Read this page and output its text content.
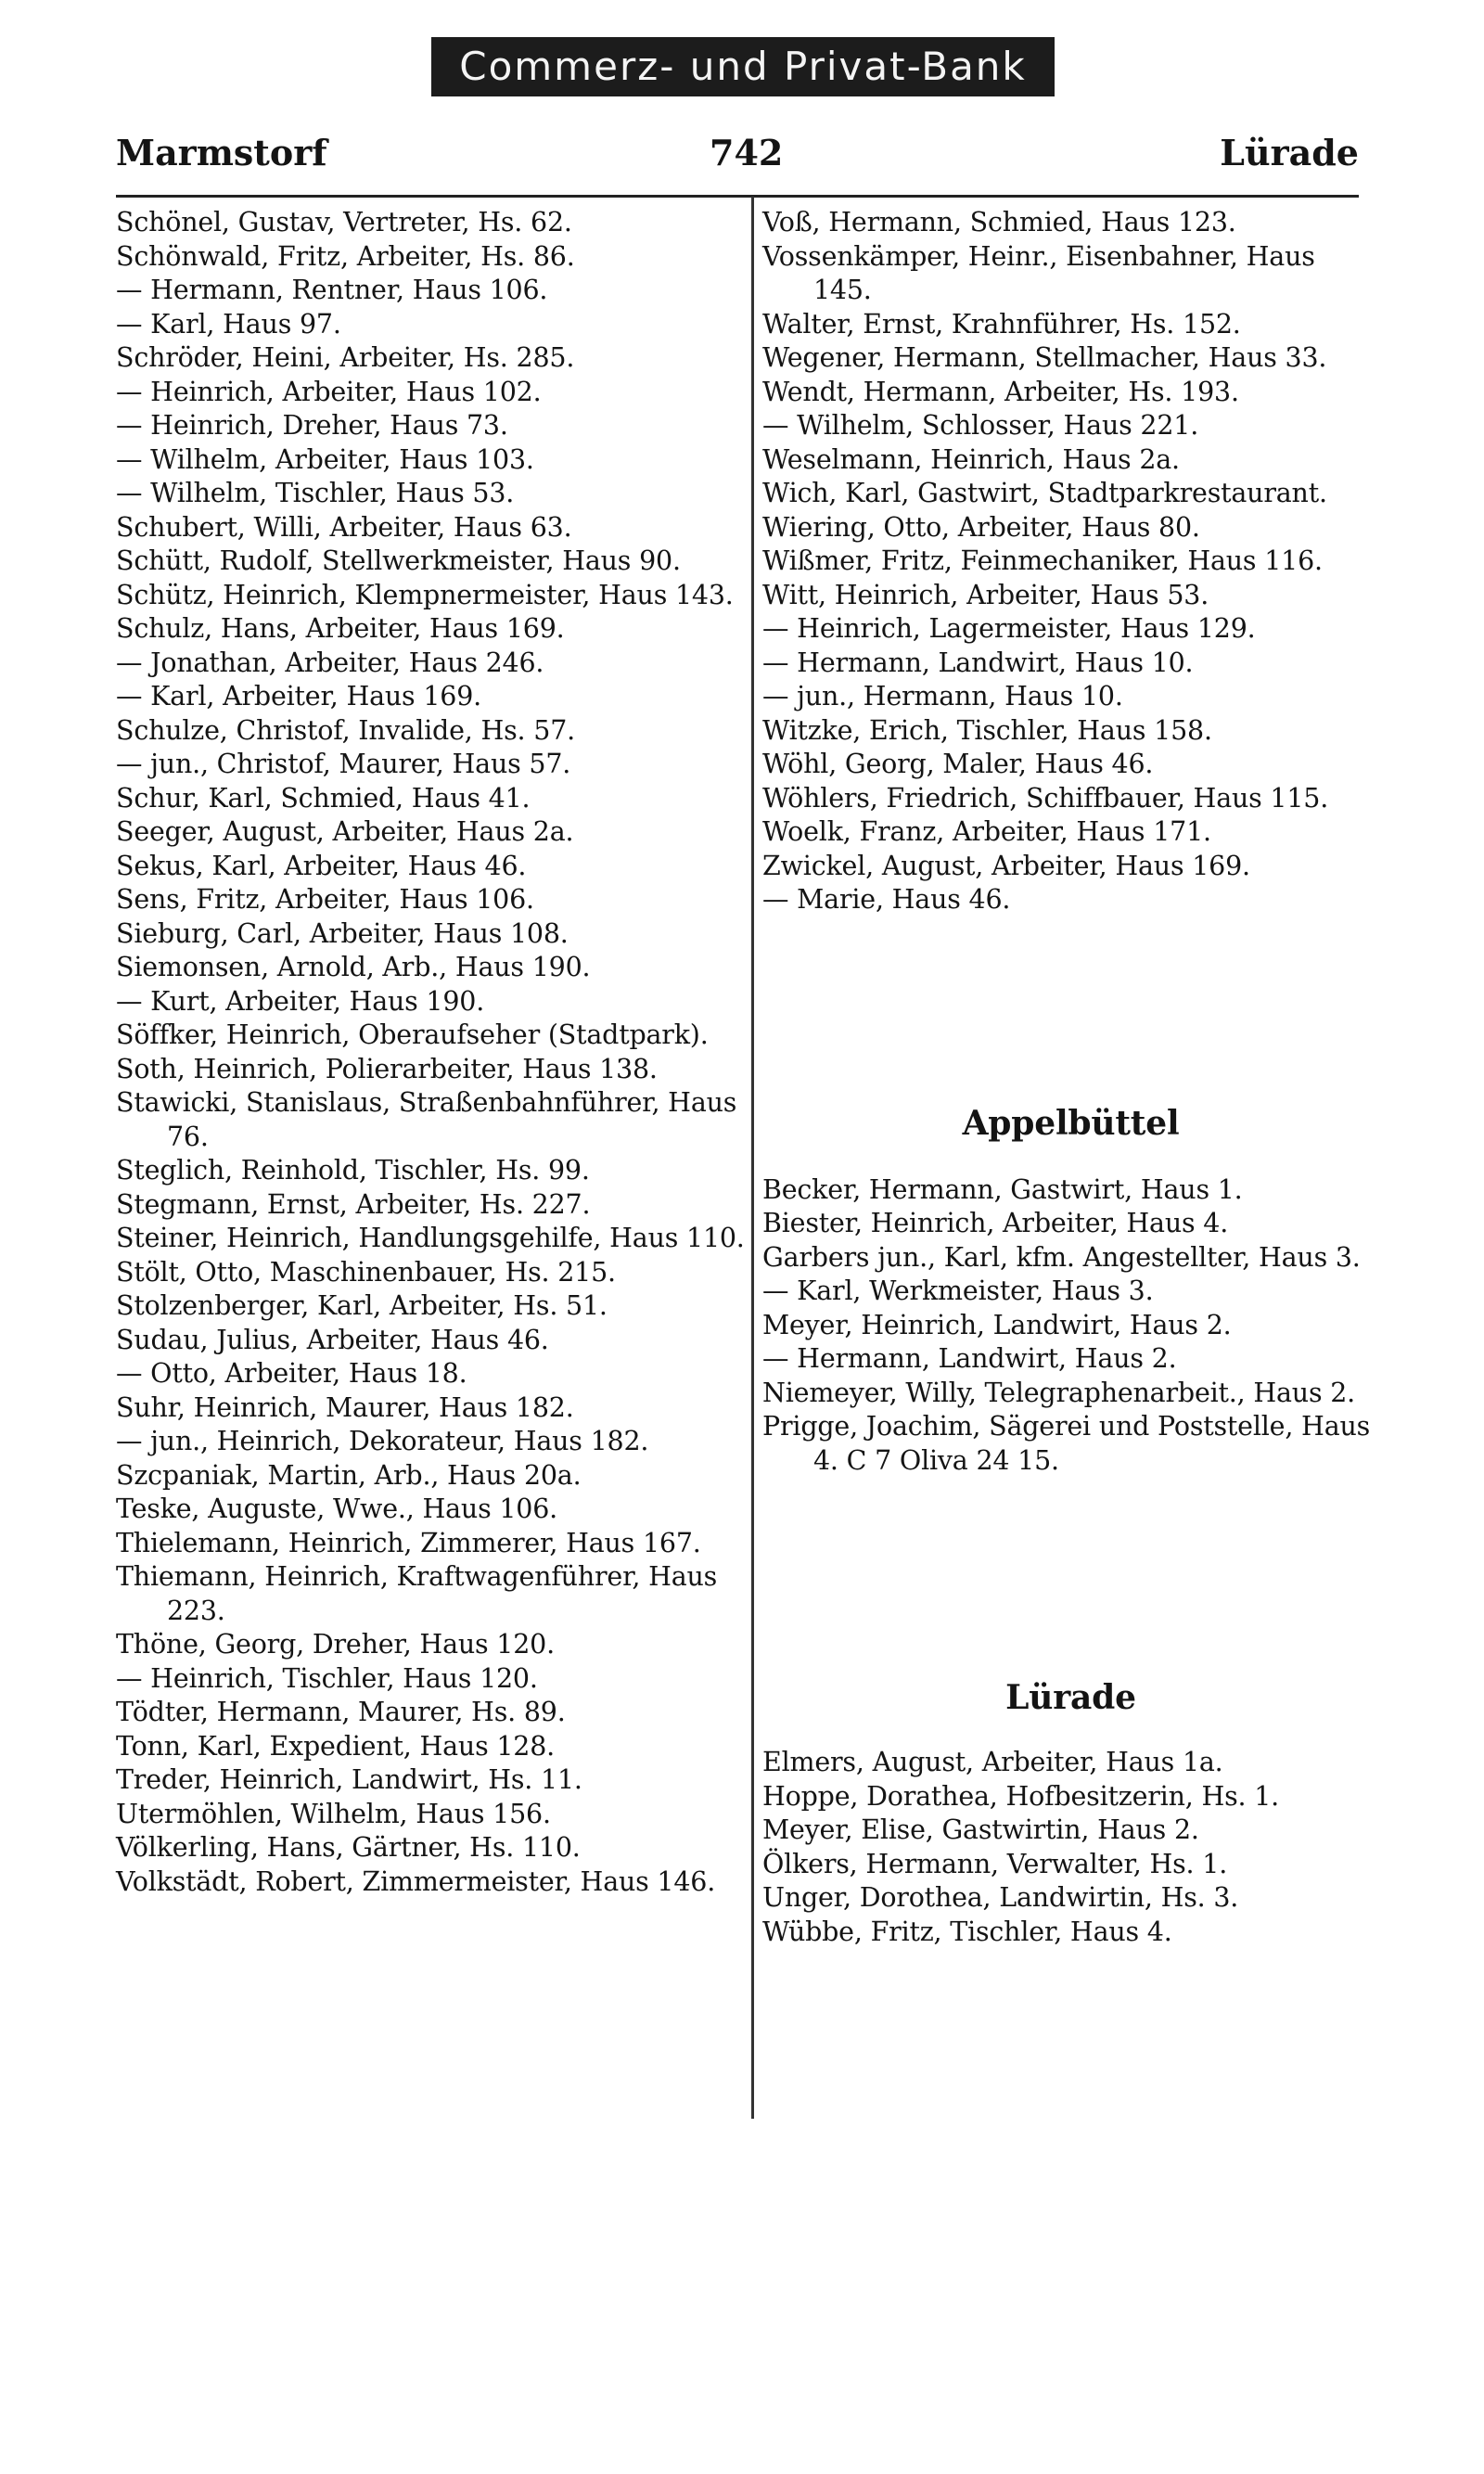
Commerz- und Privat-Bank
Marmstorf	742	Lürade

Schönel, Gustav, Vertreter, Hs. 62.

Schönwald, Fritz, Arbeiter, Hs. 86.

— Hermann, Rentner, Haus 106.

— Karl, Haus 97.

Schröder, Heini, Arbeiter, Hs. 285.

— Heinrich, Arbeiter, Haus 102.

— Heinrich, Dreher, Haus 73.

— Wilhelm, Arbeiter, Haus 103.

— Wilhelm, Tischler, Haus 53.

Schubert, Willi, Arbeiter, Haus 63.

Schütt, Rudolf, Stellwerkmeister, Haus 90.

Schütz, Heinrich, Klempnermeister, Haus 143.

Schulz, Hans, Arbeiter, Haus 169.

— Jonathan, Arbeiter, Haus 246.

— Karl, Arbeiter, Haus 169.

Schulze, Christof, Invalide, Hs. 57.

— jun., Christof, Maurer, Haus 57.

Schur, Karl, Schmied, Haus 41.

Seeger, August, Arbeiter, Haus 2a.

Sekus, Karl, Arbeiter, Haus 46.

Sens, Fritz, Arbeiter, Haus 106.

Sieburg, Carl, Arbeiter, Haus 108.

Siemonsen, Arnold, Arb., Haus 190.

— Kurt, Arbeiter, Haus 190.

Söffker, Heinrich, Oberaufseher (Stadtpark).

Soth, Heinrich, Polierarbeiter, Haus 138.

Stawicki, Stanislaus, Straßenbahnführer, Haus 76.

Steglich, Reinhold, Tischler, Hs. 99.

Stegmann, Ernst, Arbeiter, Hs. 227.

Steiner, Heinrich, Handlungsgehilfe, Haus 110.

Stölt, Otto, Maschinenbauer, Hs. 215.

Stolzenberger, Karl, Arbeiter, Hs. 51.

Sudau, Julius, Arbeiter, Haus 46.

— Otto, Arbeiter, Haus 18.

Suhr, Heinrich, Maurer, Haus 182.

— jun., Heinrich, Dekorateur, Haus 182.

Szcpaniak, Martin, Arb., Haus 20a.

Teske, Auguste, Wwe., Haus 106.

Thielemann, Heinrich, Zimmerer, Haus 167.

Thiemann, Heinrich, Kraftwagenführer, Haus 223.

Thöne, Georg, Dreher, Haus 120.

— Heinrich, Tischler, Haus 120.

Tödter, Hermann, Maurer, Hs. 89.

Tonn, Karl, Expedient, Haus 128.

Treder, Heinrich, Landwirt, Hs. 11.

Utermöhlen, Wilhelm, Haus 156.

Völkerling, Hans, Gärtner, Hs. 110.

Volkstädt, Robert, Zimmermeister, Haus 146.

Voß, Hermann, Schmied, Haus 123.

Vossenkämper, Heinr., Eisenbahner, Haus 145.

Walter, Ernst, Krahnführer, Hs. 152.

Wegener, Hermann, Stellmacher, Haus 33.

Wendt, Hermann, Arbeiter, Hs. 193.

— Wilhelm, Schlosser, Haus 221.

Weselmann, Heinrich, Haus 2a.

Wich, Karl, Gastwirt, Stadtparkrestaurant.

Wiering, Otto, Arbeiter, Haus 80.

Wißmer, Fritz, Feinmechaniker, Haus 116.

Witt, Heinrich, Arbeiter, Haus 53.

— Heinrich, Lagermeister, Haus 129.

— Hermann, Landwirt, Haus 10.

— jun., Hermann, Haus 10.

Witzke, Erich, Tischler, Haus 158.

Wöhl, Georg, Maler, Haus 46.

Wöhlers, Friedrich, Schiffbauer, Haus 115.

Woelk, Franz, Arbeiter, Haus 171.

Zwickel, August, Arbeiter, Haus 169.

— Marie, Haus 46.

Appelbüttel

Becker, Hermann, Gastwirt, Haus 1.

Biester, Heinrich, Arbeiter, Haus 4.

Garbers jun., Karl, kfm. Angestellter, Haus 3.

— Karl, Werkmeister, Haus 3.

Meyer, Heinrich, Landwirt, Haus 2.

— Hermann, Landwirt, Haus 2.

Niemeyer, Willy, Telegraphenarbeit., Haus 2.

Prigge, Joachim, Sägerei und Poststelle, Haus 4. C 7 Oliva 24 15.

Lürade

Elmers, August, Arbeiter, Haus 1a.

Hoppe, Dorathea, Hofbesitzerin, Hs. 1.

Meyer, Elise, Gastwirtin, Haus 2.

Ölkers, Hermann, Verwalter, Hs. 1.

Unger, Dorothea, Landwirtin, Hs. 3.

Wübbe, Fritz, Tischler, Haus 4.
